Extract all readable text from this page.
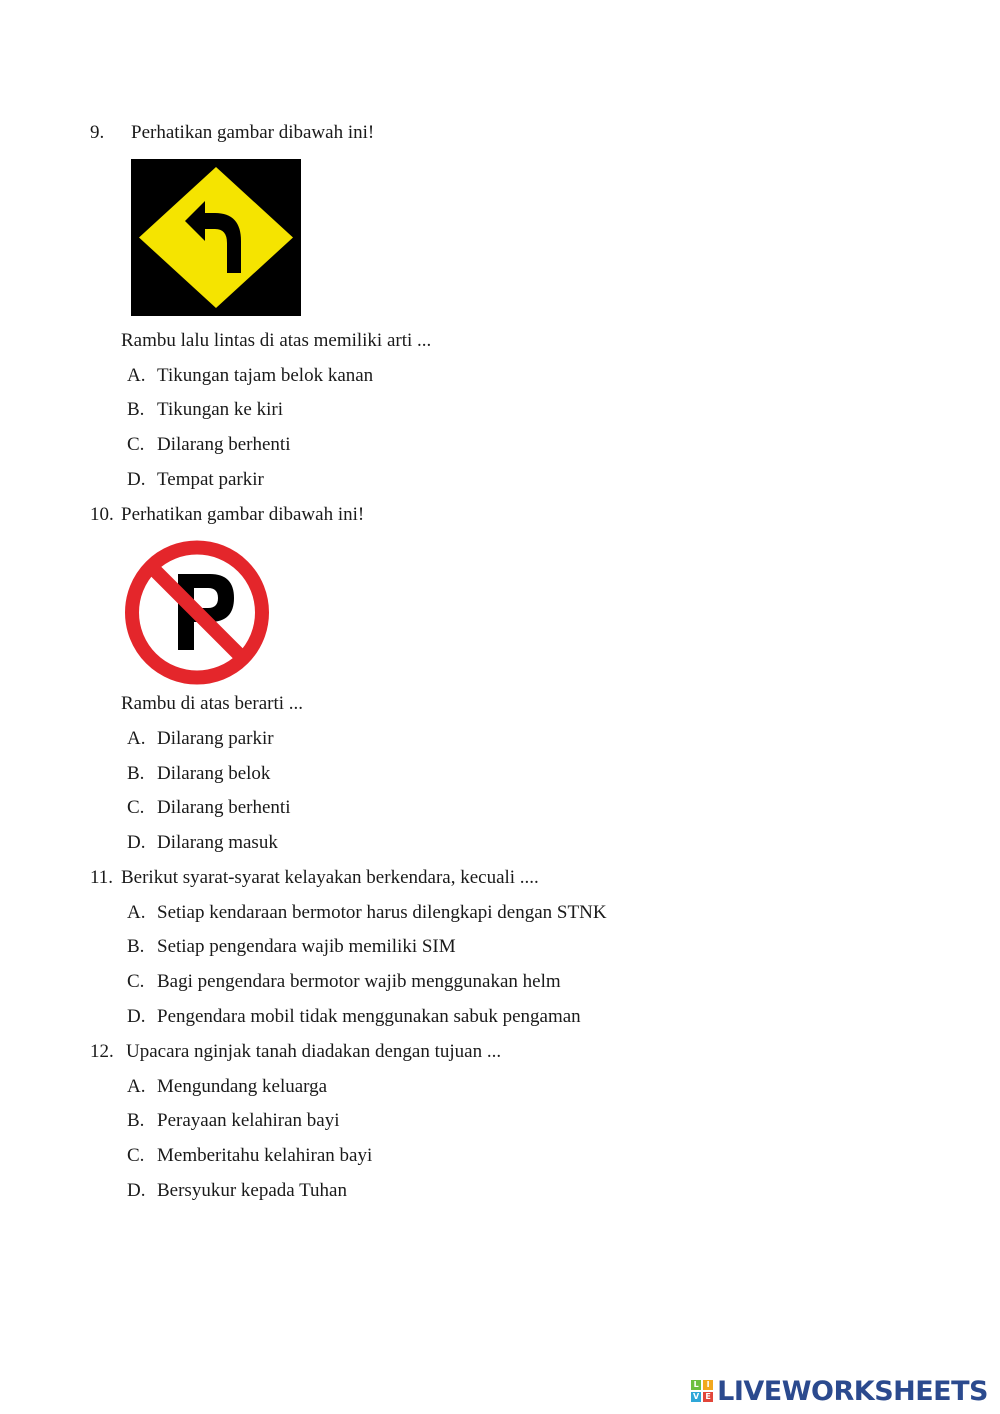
9. Perhatikan gambar dibawah ini!
Rambu lalu lintas di atas memiliki arti ...
A. Tikungan tajam belok kanan
B. Tikungan ke kiri
C. Dilarang berhenti
D. Tempat parkir
10. Perhatikan gambar dibawah ini!
Rambu di atas berarti ...
A. Dilarang parkir
B. Dilarang belok
C. Dilarang berhenti
D. Dilarang masuk
11. Berikut syarat-syarat kelayakan berkendara, kecuali ....
A. Setiap kendaraan bermotor harus dilengkapi dengan STNK
B. Setiap pengendara wajib memiliki SIM
C. Bagi pengendara bermotor wajib menggunakan helm
D. Pengendara mobil tidak menggunakan sabuk pengaman
12. Upacara nginjak tanah diadakan dengan tujuan ...
A. Mengundang keluarga
B. Perayaan kelahiran bayi
C. Memberitahu kelahiran bayi
D. Bersyukur kepada Tuhan
L I
V E LIVEWORKSHEETS
